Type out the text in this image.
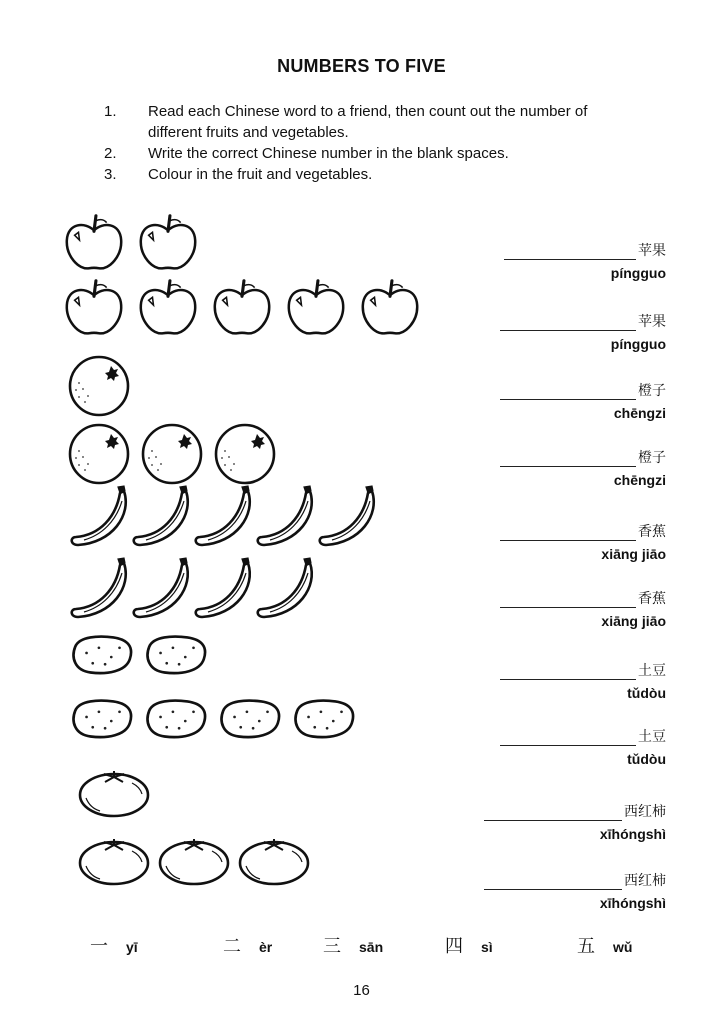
NUMBERS TO FIVE
1. Read each Chinese word to a friend, then count out the number of
different fruits and vegetables.
2. Write the correct Chinese number in the blank spaces.
3. Colour in the fruit and vegetables.
苹果
píngguo
苹果
píngguo
橙子
chēngzi
橙子
chēngzi
香蕉
xiāng jiāo
香蕉
xiāng jiāo
土豆
tǔdòu
土豆
tǔdòu
西红柿
xīhóngshì
西红柿
xīhóngshì
一 yī	二 èr	三 sān	四 sì	五 wǔ
16
